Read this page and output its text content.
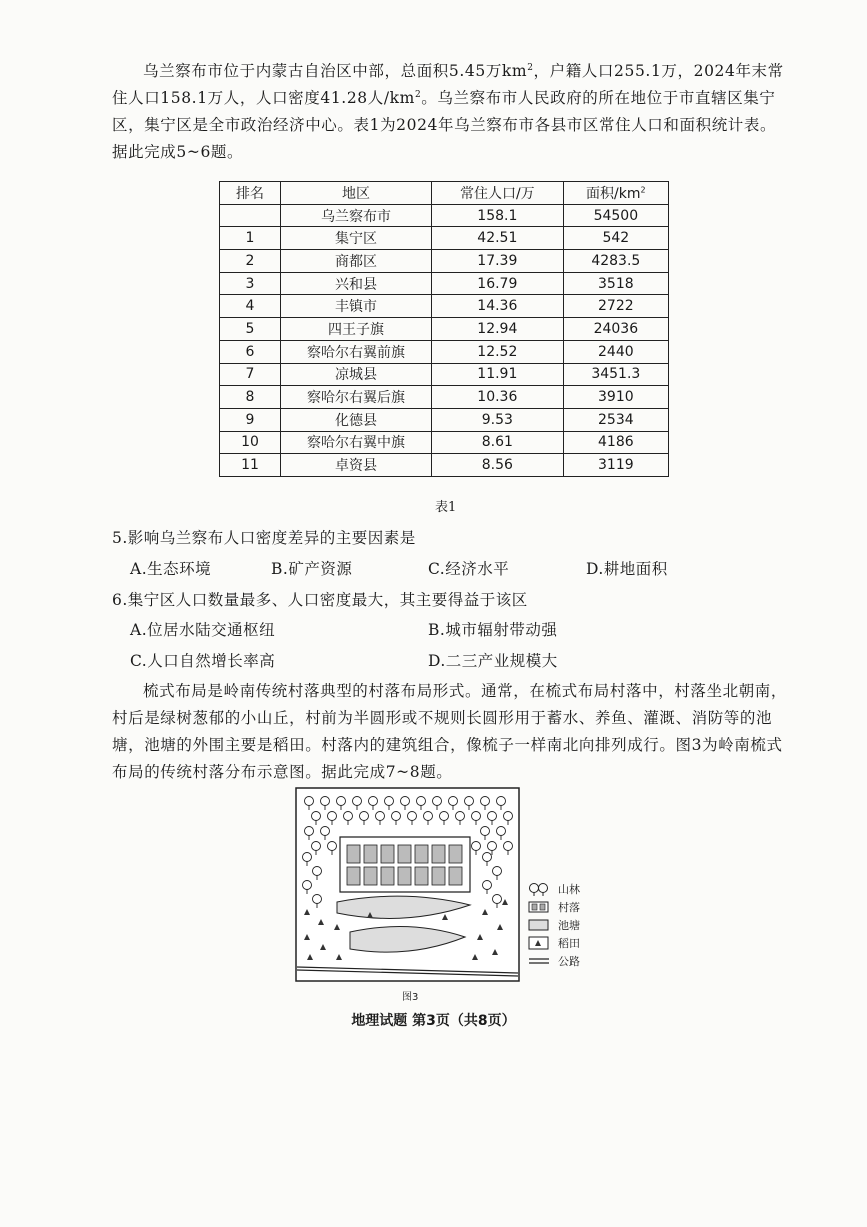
乌兰察布市位于内蒙古自治区中部，总面积5.45万$km^2$，户籍人口255.1万，2024年末常住人口158.1万人，人口密度41.28人$/km^2$。乌兰察布市人民政府的所在地位于市直辖区集宁区，集宁区是全市政治经济中心。表1为2024年乌兰察布市各县市区常住人口和面积统计表。据此完成5~6题。

排名	地区	常住人口/万	面积$/km^2$
	乌兰察布市	158.1	54500
1	集宁区	42.51	542
2	商都区	17.39	4283.5
3	兴和县	16.79	3518
4	丰镇市	14.36	2722
5	四王子旗	12.94	24036
6	察哈尔右翼前旗	12.52	2440
7	凉城县	11.91	3451.3
8	察哈尔右翼后旗	10.36	3910
9	化德县	9.53	2534
10	察哈尔右翼中旗	8.61	4186
11	卓资县	8.56	3119
表1
5.影响乌兰察布人口密度差异的主要因素是
A.生态环境	B.矿产资源	C.经济水平	D.耕地面积
6.集宁区人口数量最多、人口密度最大，其主要得益于该区
A.位居水陆交通枢纽	B.城市辐射带动强
C.人口自然增长率高	D.二三产业规模大

梳式布局是岭南传统村落典型的村落布局形式。通常，在梳式布局村落中，村落坐北朝南，村后是绿树葱郁的小山丘，村前为半圆形或不规则长圆形用于蓄水、养鱼、灌溉、消防等的池塘，池塘的外围主要是稻田。村落内的建筑组合，像梳子一样南北向排列成行。图3为岭南梳式布局的传统村落分布示意图。据此完成7~8题。

图3
山林
村落
池塘
稻田
公路
地理试题 第3页（共8页）
